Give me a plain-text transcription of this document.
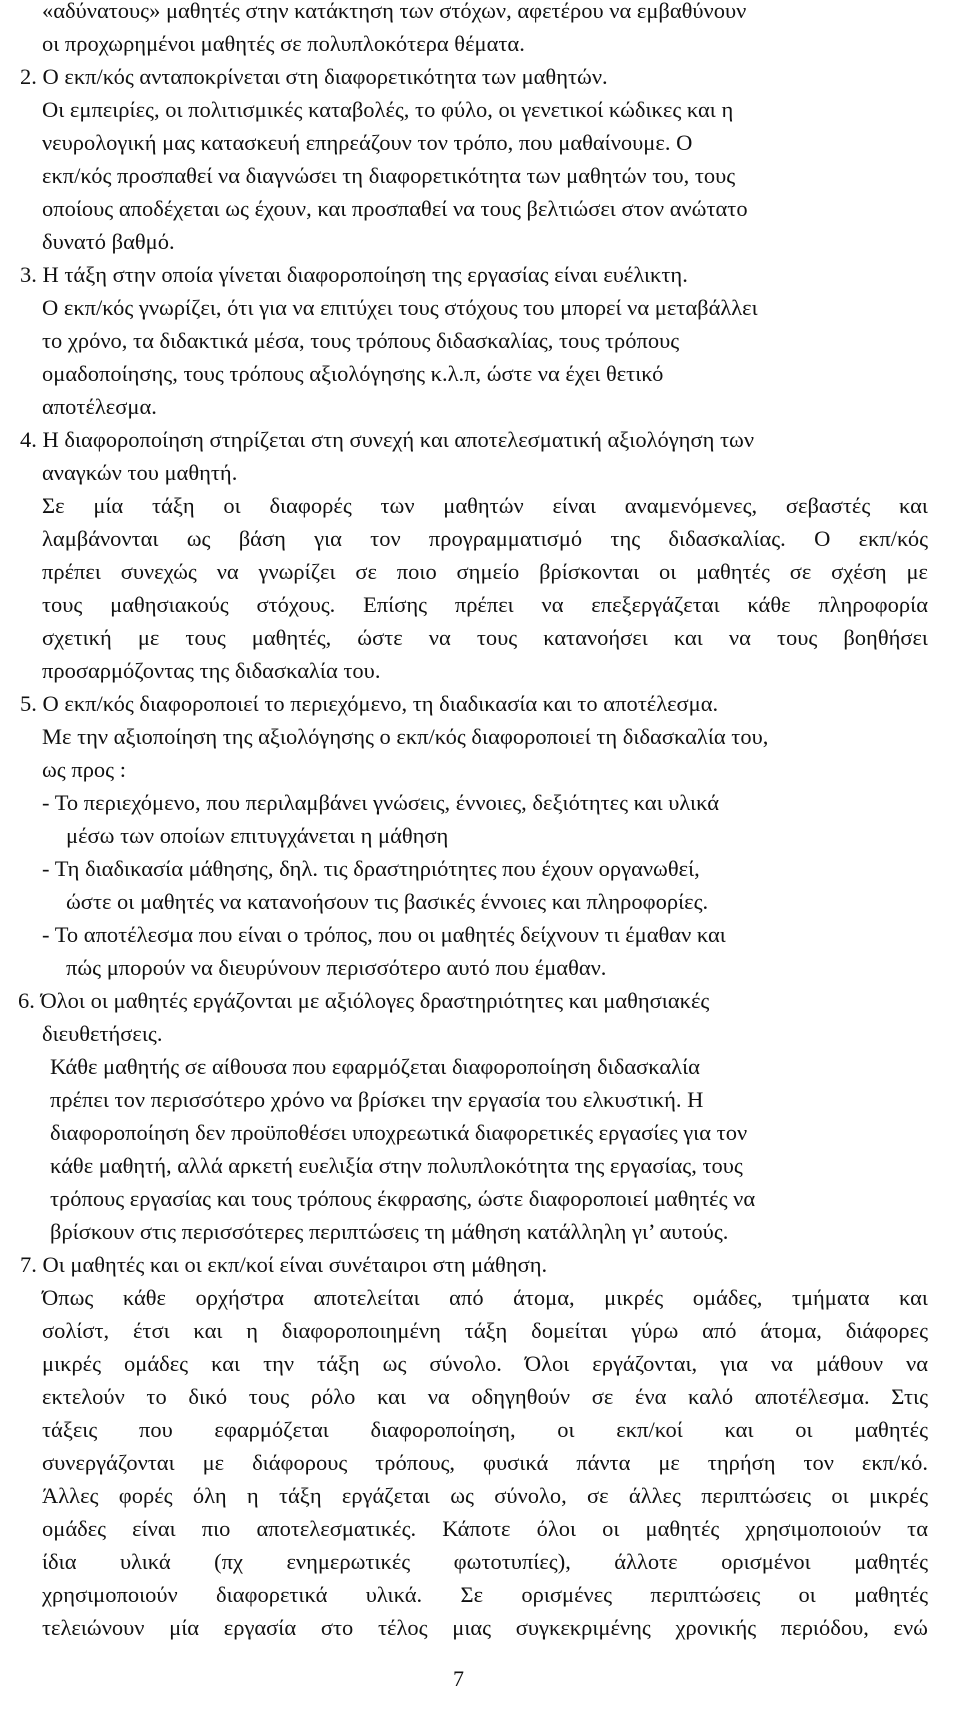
«αδύνατους» μαθητές στην κατάκτηση των στόχων, αφετέρου να εμβαθύνουν
οι προχωρημένοι μαθητές σε πολυπλοκότερα θέματα.
2. Ο εκπ/κός ανταποκρίνεται στη διαφορετικότητα των μαθητών.
Οι εμπειρίες, οι πολιτισμικές καταβολές, το φύλο, οι γενετικοί κώδικες και η
νευρολογική μας κατασκευή επηρεάζουν τον τρόπο, που μαθαίνουμε. Ο
εκπ/κός προσπαθεί να διαγνώσει τη διαφορετικότητα των μαθητών του, τους
οποίους αποδέχεται ως έχουν, και προσπαθεί να τους βελτιώσει στον ανώτατο
δυνατό βαθμό.
3. Η τάξη στην οποία γίνεται διαφοροποίηση της εργασίας είναι ευέλικτη.
Ο εκπ/κός γνωρίζει, ότι για να επιτύχει τους στόχους του μπορεί να μεταβάλλει
το χρόνο, τα διδακτικά μέσα, τους τρόπους διδασκαλίας, τους τρόπους
ομαδοποίησης, τους τρόπους αξιολόγησης κ.λ.π, ώστε να έχει θετικό
αποτέλεσμα.
4. Η διαφοροποίηση στηρίζεται στη συνεχή και αποτελεσματική αξιολόγηση των
αναγκών του μαθητή.
Σε μία τάξη οι διαφορές των μαθητών είναι αναμενόμενες, σεβαστές και
λαμβάνονται ως βάση για τον προγραμματισμό της διδασκαλίας. Ο εκπ/κός
πρέπει συνεχώς να γνωρίζει σε ποιο σημείο βρίσκονται οι μαθητές σε σχέση με
τους μαθησιακούς στόχους. Επίσης πρέπει να επεξεργάζεται κάθε πληροφορία
σχετική με τους μαθητές, ώστε να τους κατανοήσει και να τους βοηθήσει
προσαρμόζοντας της διδασκαλία του.
5. Ο εκπ/κός διαφοροποιεί το περιεχόμενο, τη διαδικασία και το αποτέλεσμα.
Με την αξιοποίηση της αξιολόγησης ο εκπ/κός διαφοροποιεί τη διδασκαλία του,
ως προς :
- Το περιεχόμενο, που περιλαμβάνει γνώσεις, έννοιες, δεξιότητες και υλικά
μέσω των οποίων επιτυγχάνεται η μάθηση
- Τη διαδικασία μάθησης, δηλ. τις δραστηριότητες που έχουν οργανωθεί,
ώστε οι μαθητές να κατανοήσουν τις βασικές έννοιες και πληροφορίες.
- Το αποτέλεσμα που είναι ο τρόπος, που οι μαθητές δείχνουν τι έμαθαν και
πώς μπορούν να διευρύνουν περισσότερο αυτό που έμαθαν.
6. Όλοι οι μαθητές εργάζονται με αξιόλογες δραστηριότητες και μαθησιακές
διευθετήσεις.
Κάθε μαθητής σε αίθουσα που εφαρμόζεται διαφοροποίηση διδασκαλία
πρέπει τον περισσότερο χρόνο να βρίσκει την εργασία του ελκυστική. Η
διαφοροποίηση δεν προϋποθέσει υποχρεωτικά διαφορετικές εργασίες για τον
κάθε μαθητή, αλλά αρκετή ευελιξία στην πολυπλοκότητα της εργασίας, τους
τρόπους εργασίας και τους τρόπους έκφρασης, ώστε διαφοροποιεί μαθητές να
βρίσκουν στις περισσότερες περιπτώσεις τη μάθηση κατάλληλη γι’ αυτούς.
7. Οι μαθητές και οι εκπ/κοί είναι συνέταιροι στη μάθηση.
Όπως κάθε ορχήστρα αποτελείται από άτομα, μικρές ομάδες, τμήματα και
σολίστ, έτσι και η διαφοροποιημένη τάξη δομείται γύρω από άτομα, διάφορες
μικρές ομάδες και την τάξη ως σύνολο. Όλοι εργάζονται, για να μάθουν να
εκτελούν το δικό τους ρόλο και να οδηγηθούν σε ένα καλό αποτέλεσμα. Στις
τάξεις που εφαρμόζεται διαφοροποίηση, οι εκπ/κοί και οι μαθητές
συνεργάζονται με διάφορους τρόπους, φυσικά πάντα με τηρήση τον εκπ/κό.
Άλλες φορές όλη η τάξη εργάζεται ως σύνολο, σε άλλες περιπτώσεις οι μικρές
ομάδες είναι πιο αποτελεσματικές. Κάποτε όλοι οι μαθητές χρησιμοποιούν τα
ίδια υλικά (πχ ενημερωτικές φωτοτυπίες), άλλοτε ορισμένοι μαθητές
χρησιμοποιούν διαφορετικά υλικά. Σε ορισμένες περιπτώσεις οι μαθητές
τελειώνουν μία εργασία στο τέλος μιας συγκεκριμένης χρονικής περιόδου, ενώ
7
